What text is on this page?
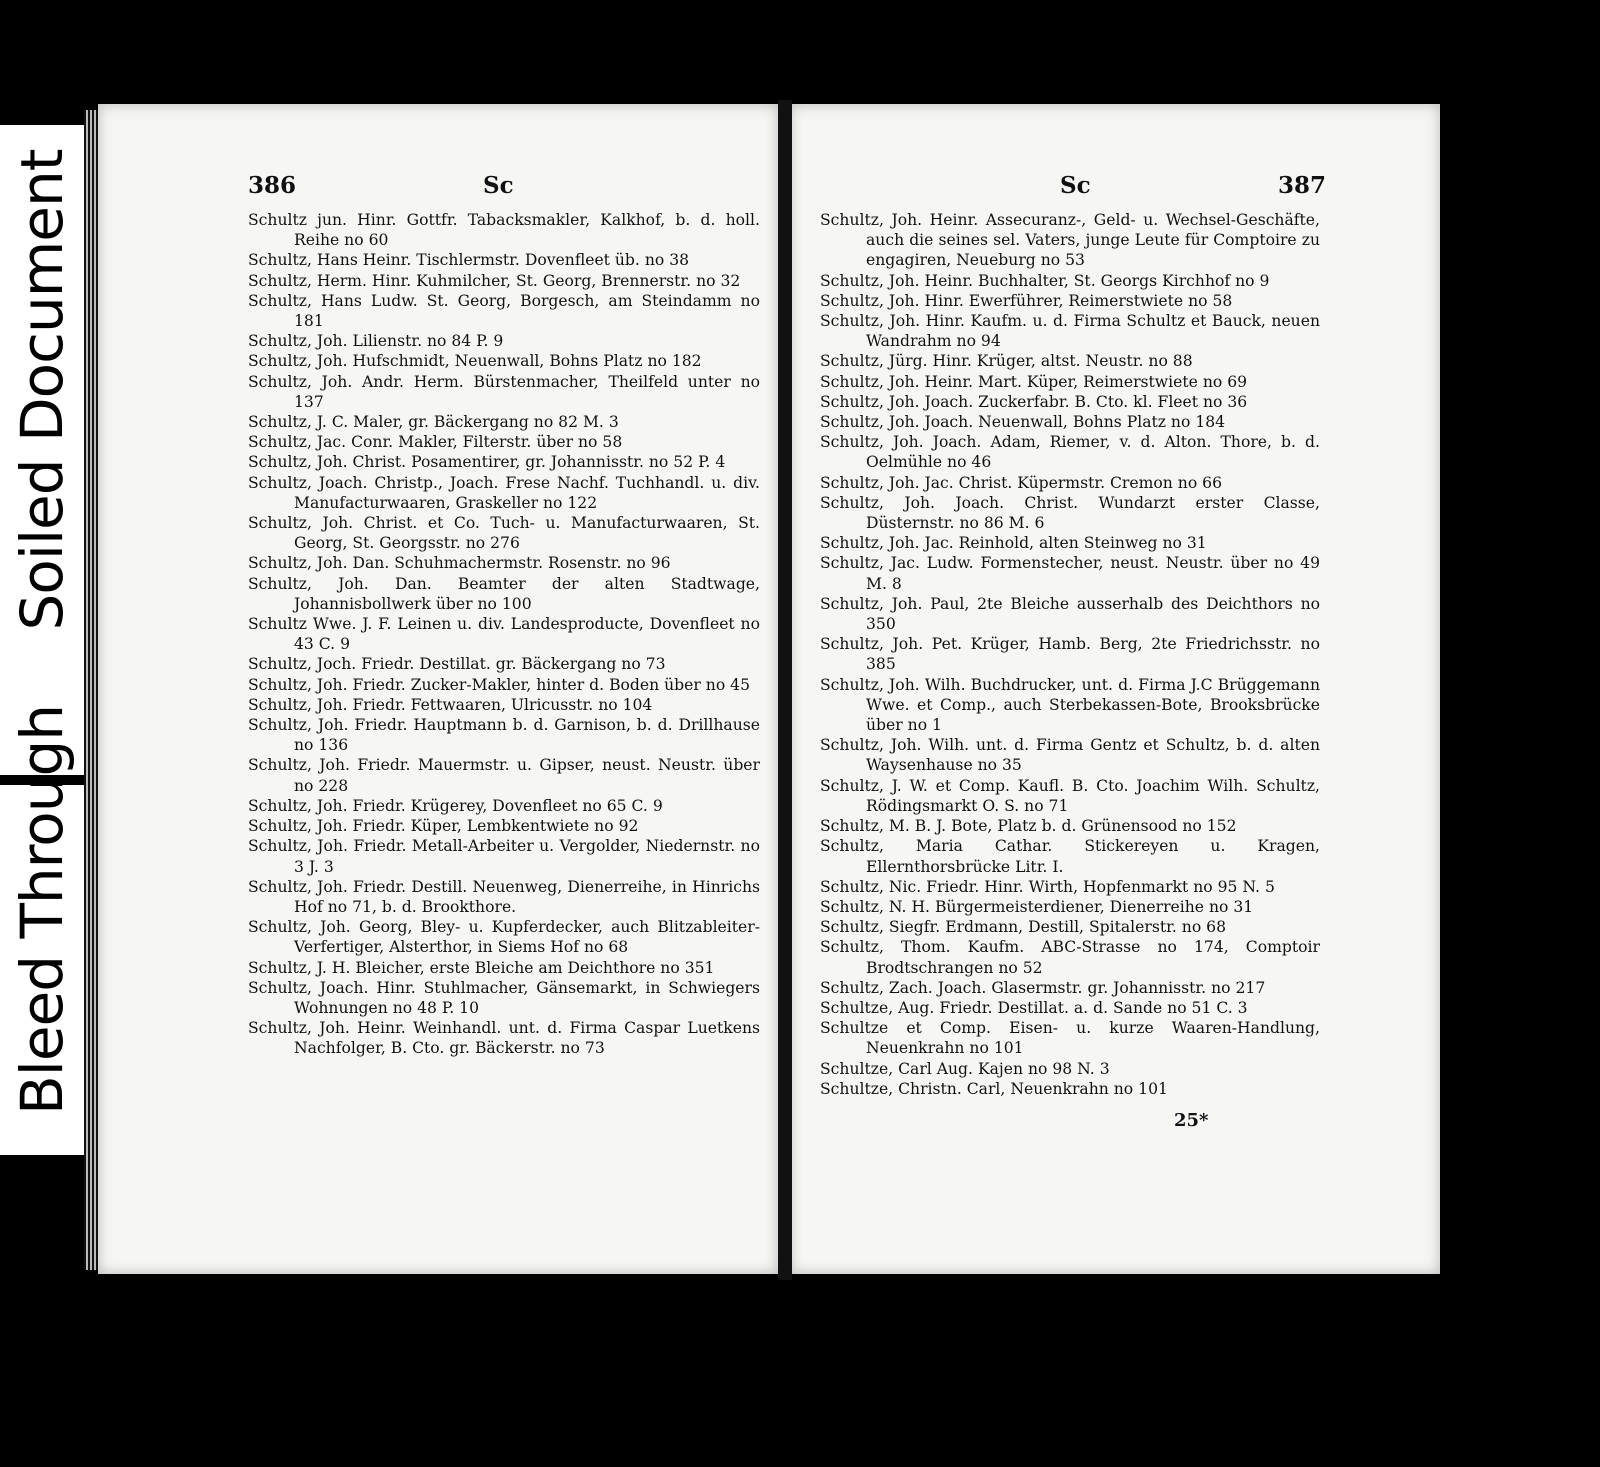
Soiled Document
Bleed Through
386	Sc
Schultz jun. Hinr. Gottfr. Tabacksmakler, Kalkhof, b. d. holl. Reihe no 60
Schultz, Hans Heinr. Tischlermstr. Dovenfleet üb. no 38
Schultz, Herm. Hinr. Kuhmilcher, St. Georg, Brennerstr. no 32
Schultz, Hans Ludw. St. Georg, Borgesch, am Steindamm no 181
Schultz, Joh. Lilienstr. no 84 P. 9
Schultz, Joh. Hufschmidt, Neuenwall, Bohns Platz no 182
Schultz, Joh. Andr. Herm. Bürstenmacher, Theilfeld unter no 137
Schultz, J. C. Maler, gr. Bäckergang no 82 M. 3
Schultz, Jac. Conr. Makler, Filterstr. über no 58
Schultz, Joh. Christ. Posamentirer, gr. Johannisstr. no 52 P. 4
Schultz, Joach. Christp., Joach. Frese Nachf. Tuchhandl. u. div. Manufacturwaaren, Graskeller no 122
Schultz, Joh. Christ. et Co. Tuch- u. Manufacturwaaren, St. Georg, St. Georgsstr. no 276
Schultz, Joh. Dan. Schuhmachermstr. Rosenstr. no 96
Schultz, Joh. Dan. Beamter der alten Stadtwage, Johannisbollwerk über no 100
Schultz Wwe. J. F. Leinen u. div. Landesproducte, Dovenfleet no 43 C. 9
Schultz, Joch. Friedr. Destillat. gr. Bäckergang no 73
Schultz, Joh. Friedr. Zucker-Makler, hinter d. Boden über no 45
Schultz, Joh. Friedr. Fettwaaren, Ulricusstr. no 104
Schultz, Joh. Friedr. Hauptmann b. d. Garnison, b. d. Drillhause no 136
Schultz, Joh. Friedr. Mauermstr. u. Gipser, neust. Neustr. über no 228
Schultz, Joh. Friedr. Krügerey, Dovenfleet no 65 C. 9
Schultz, Joh. Friedr. Küper, Lembkentwiete no 92
Schultz, Joh. Friedr. Metall-Arbeiter u. Vergolder, Niedernstr. no 3 J. 3
Schultz, Joh. Friedr. Destill. Neuenweg, Dienerreihe, in Hinrichs Hof no 71, b. d. Brookthore.
Schultz, Joh. Georg, Bley- u. Kupferdecker, auch Blitzableiter-Verfertiger, Alsterthor, in Siems Hof no 68
Schultz, J. H. Bleicher, erste Bleiche am Deichthore no 351
Schultz, Joach. Hinr. Stuhlmacher, Gänsemarkt, in Schwiegers Wohnungen no 48 P. 10
Schultz, Joh. Heinr. Weinhandl. unt. d. Firma Caspar Luetkens Nachfolger, B. Cto. gr. Bäckerstr. no 73
Sc	387
Schultz, Joh. Heinr. Assecuranz-, Geld- u. Wechsel-Geschäfte, auch die seines sel. Vaters, junge Leute für Comptoire zu engagiren, Neueburg no 53
Schultz, Joh. Heinr. Buchhalter, St. Georgs Kirchhof no 9
Schultz, Joh. Hinr. Ewerführer, Reimerstwiete no 58
Schultz, Joh. Hinr. Kaufm. u. d. Firma Schultz et Bauck, neuen Wandrahm no 94
Schultz, Jürg. Hinr. Krüger, altst. Neustr. no 88
Schultz, Joh. Heinr. Mart. Küper, Reimerstwiete no 69
Schultz, Joh. Joach. Zuckerfabr. B. Cto. kl. Fleet no 36
Schultz, Joh. Joach. Neuenwall, Bohns Platz no 184
Schultz, Joh. Joach. Adam, Riemer, v. d. Alton. Thore, b. d. Oelmühle no 46
Schultz, Joh. Jac. Christ. Küpermstr. Cremon no 66
Schultz, Joh. Joach. Christ. Wundarzt erster Classe, Düsternstr. no 86 M. 6
Schultz, Joh. Jac. Reinhold, alten Steinweg no 31
Schultz, Jac. Ludw. Formenstecher, neust. Neustr. über no 49 M. 8
Schultz, Joh. Paul, 2te Bleiche ausserhalb des Deichthors no 350
Schultz, Joh. Pet. Krüger, Hamb. Berg, 2te Friedrichsstr. no 385
Schultz, Joh. Wilh. Buchdrucker, unt. d. Firma J.C Brüggemann Wwe. et Comp., auch Sterbekassen-Bote, Brooksbrücke über no 1
Schultz, Joh. Wilh. unt. d. Firma Gentz et Schultz, b. d. alten Waysenhause no 35
Schultz, J. W. et Comp. Kaufl. B. Cto. Joachim Wilh. Schultz, Rödingsmarkt O. S. no 71
Schultz, M. B. J. Bote, Platz b. d. Grünensood no 152
Schultz, Maria Cathar. Stickereyen u. Kragen, Ellernthorsbrücke Litr. I.
Schultz, Nic. Friedr. Hinr. Wirth, Hopfenmarkt no 95 N. 5
Schultz, N. H. Bürgermeisterdiener, Dienerreihe no 31
Schultz, Siegfr. Erdmann, Destill, Spitalerstr. no 68
Schultz, Thom. Kaufm. ABC-Strasse no 174, Comptoir Brodtschrangen no 52
Schultz, Zach. Joach. Glasermstr. gr. Johannisstr. no 217
Schultze, Aug. Friedr. Destillat. a. d. Sande no 51 C. 3
Schultze et Comp. Eisen- u. kurze Waaren-Handlung, Neuenkrahn no 101
Schultze, Carl Aug. Kajen no 98 N. 3
Schultze, Christn. Carl, Neuenkrahn no 101
25*
